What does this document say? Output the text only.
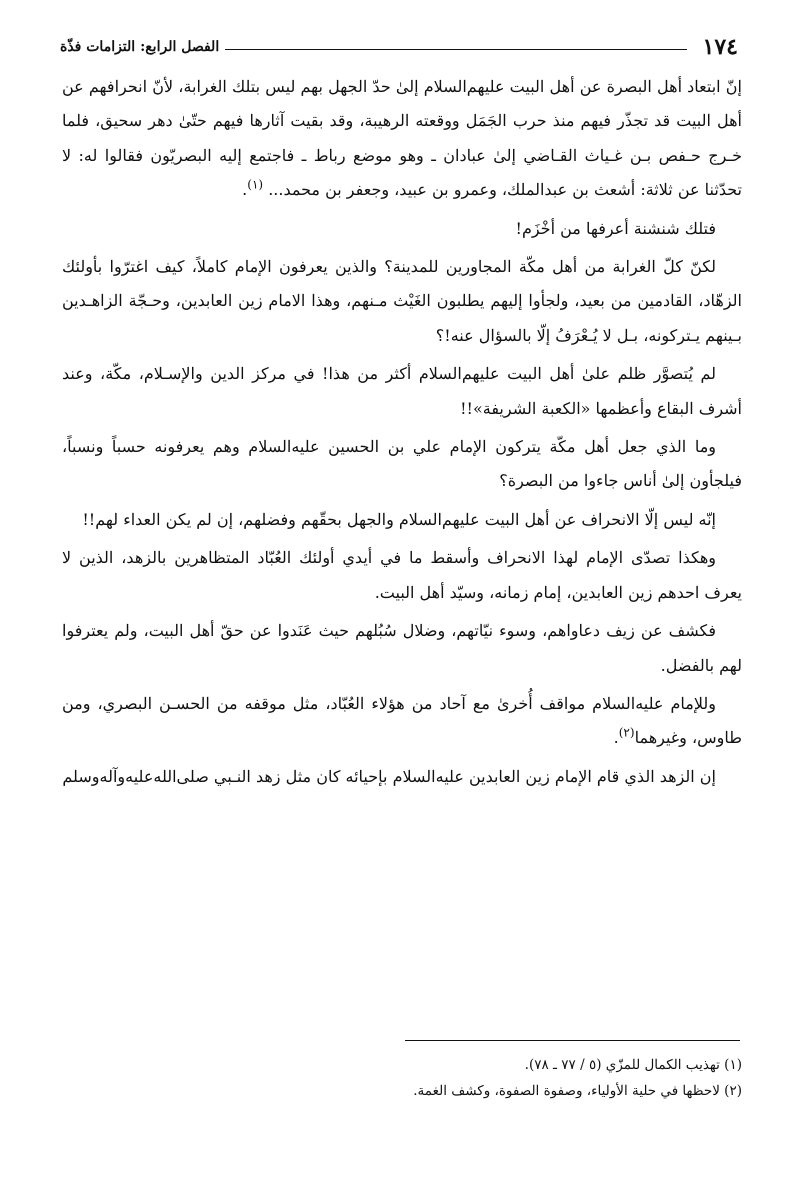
١٧٤
الفصل الرابع: التزامات فذّة

إنّ ابتعاد أهل البصرة عن أهل البيت عليهم‌السلام إلىٰ حدّ الجهل بهم ليس بتلك الغرابة، لأنّ انحرافهم عن أهل البيت قد تجذّر فيهم منذ حرب الجَمَل ووقعته الرهيبة، وقد بقيت آثارها فيهم حتّىٰ دهر سحيق، فلما خـرج حـفص بـن غـياث القـاضي إلىٰ عبادان ـ وهو موضع رباط ـ فاجتمع إليه البصريّون فقالوا له: لا تحدّثنا عن ثلاثة: أشعث بن عبدالملك، وعمرو بن عبيد، وجعفر بن محمد... $^{(١)}$.

فتلك شنشنة أعرفها من أخْزَم!

لكنّ كلّ الغرابة من أهل مكّة المجاورين للمدينة؟ والذين يعرفون الإمام كاملاً، كيف اغترّوا بأولئك الزهّاد، القادمين من بعيد، ولجأوا إليهم يطلبون الغَيْث مـنهم، وهذا الامام زين العابدين، وحـجّة الزاهـدين بـينهم يـتركونه، بـل لا يُـعْرَفُ إلّا بالسؤال عنه!؟

لم يُتصوَّر ظلم علىٰ أهل البيت عليهم‌السلام أكثر من هذا! في مركز الدين والإسـلام، مكّة، وعند أشرف البقاع وأعظمها «الكعبة الشريفة»!!

وما الذي جعل أهل مكّة يتركون الإمام علي بن الحسين عليه‌السلام وهم يعرفونه حسباً ونسباً، فيلجأون إلىٰ أناس جاءوا من البصرة؟

إنّه ليس إلّا الانحراف عن أهل البيت عليهم‌السلام والجهل بحقّهم وفضلهم، إن لم يكن العداء لهم!!

وهكذا تصدّى الإمام لهذا الانحراف وأسقط ما في أيدي أولئك العُبّاد المتظاهرين بالزهد، الذين لا يعرف احدهم زين العابدين، إمام زمانه، وسيّد أهل البيت.

فكشف عن زيف دعاواهم، وسوء نيّاتهم، وضلال سُبُلهم حيث عَنَدوا عن حقّ أهل البيت، ولم يعترفوا لهم بالفضل.

وللإمام عليه‌السلام مواقف أُخرىٰ مع آحاد من هؤلاء العُبّاد، مثل موقفه من الحسـن البصري، ومن طاوس، وغيرهما$^{(٢)}$.

إن الزهد الذي قام الإمام زين العابدين عليه‌السلام بإحيائه كان مثل زهد النـبي صلى‌الله‌عليه‌وآله‌وسلم

(١) تهذيب الكمال للمزّي (٥ / ٧٧ ـ ٧٨).

(٢) لاحظها في حلية الأولياء، وصفوة الصفوة، وكشف الغمة.
